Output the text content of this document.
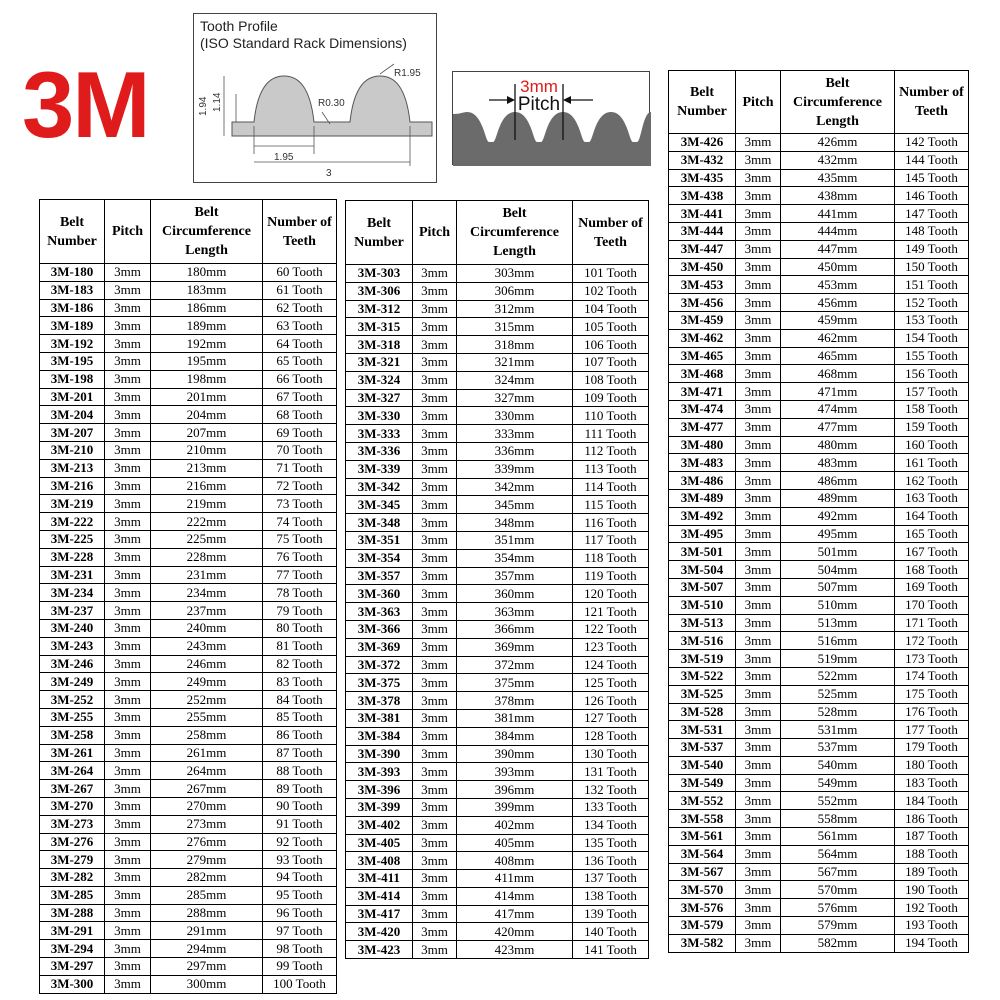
3M	R1.95
R0.30
1.94 1.14
1.95
3
Tooth Profile
(ISO Standard Rack Dimensions)
3mm
Pitch
Belt Number	Pitch	Belt Circumference Length	Number of Teeth
3M-180	3mm	180mm	60 Tooth
3M-183	3mm	183mm	61 Tooth
3M-186	3mm	186mm	62 Tooth
3M-189	3mm	189mm	63 Tooth
3M-192	3mm	192mm	64 Tooth
3M-195	3mm	195mm	65 Tooth
3M-198	3mm	198mm	66 Tooth
3M-201	3mm	201mm	67 Tooth
3M-204	3mm	204mm	68 Tooth
3M-207	3mm	207mm	69 Tooth
3M-210	3mm	210mm	70 Tooth
3M-213	3mm	213mm	71 Tooth
3M-216	3mm	216mm	72 Tooth
3M-219	3mm	219mm	73 Tooth
3M-222	3mm	222mm	74 Tooth
3M-225	3mm	225mm	75 Tooth
3M-228	3mm	228mm	76 Tooth
3M-231	3mm	231mm	77 Tooth
3M-234	3mm	234mm	78 Tooth
3M-237	3mm	237mm	79 Tooth
3M-240	3mm	240mm	80 Tooth
3M-243	3mm	243mm	81 Tooth
3M-246	3mm	246mm	82 Tooth
3M-249	3mm	249mm	83 Tooth
3M-252	3mm	252mm	84 Tooth
3M-255	3mm	255mm	85 Tooth
3M-258	3mm	258mm	86 Tooth
3M-261	3mm	261mm	87 Tooth
3M-264	3mm	264mm	88 Tooth
3M-267	3mm	267mm	89 Tooth
3M-270	3mm	270mm	90 Tooth
3M-273	3mm	273mm	91 Tooth
3M-276	3mm	276mm	92 Tooth
3M-279	3mm	279mm	93 Tooth
3M-282	3mm	282mm	94 Tooth
3M-285	3mm	285mm	95 Tooth
3M-288	3mm	288mm	96 Tooth
3M-291	3mm	291mm	97 Tooth
3M-294	3mm	294mm	98 Tooth
3M-297	3mm	297mm	99 Tooth
3M-300	3mm	300mm	100 Tooth
Belt Number	Pitch	Belt Circumference Length	Number of Teeth
3M-303	3mm	303mm	101 Tooth
3M-306	3mm	306mm	102 Tooth
3M-312	3mm	312mm	104 Tooth
3M-315	3mm	315mm	105 Tooth
3M-318	3mm	318mm	106 Tooth
3M-321	3mm	321mm	107 Tooth
3M-324	3mm	324mm	108 Tooth
3M-327	3mm	327mm	109 Tooth
3M-330	3mm	330mm	110 Tooth
3M-333	3mm	333mm	111 Tooth
3M-336	3mm	336mm	112 Tooth
3M-339	3mm	339mm	113 Tooth
3M-342	3mm	342mm	114 Tooth
3M-345	3mm	345mm	115 Tooth
3M-348	3mm	348mm	116 Tooth
3M-351	3mm	351mm	117 Tooth
3M-354	3mm	354mm	118 Tooth
3M-357	3mm	357mm	119 Tooth
3M-360	3mm	360mm	120 Tooth
3M-363	3mm	363mm	121 Tooth
3M-366	3mm	366mm	122 Tooth
3M-369	3mm	369mm	123 Tooth
3M-372	3mm	372mm	124 Tooth
3M-375	3mm	375mm	125 Tooth
3M-378	3mm	378mm	126 Tooth
3M-381	3mm	381mm	127 Tooth
3M-384	3mm	384mm	128 Tooth
3M-390	3mm	390mm	130 Tooth
3M-393	3mm	393mm	131 Tooth
3M-396	3mm	396mm	132 Tooth
3M-399	3mm	399mm	133 Tooth
3M-402	3mm	402mm	134 Tooth
3M-405	3mm	405mm	135 Tooth
3M-408	3mm	408mm	136 Tooth
3M-411	3mm	411mm	137 Tooth
3M-414	3mm	414mm	138 Tooth
3M-417	3mm	417mm	139 Tooth
3M-420	3mm	420mm	140 Tooth
3M-423	3mm	423mm	141 Tooth
Belt Number	Pitch	Belt Circumference Length	Number of Teeth
3M-426	3mm	426mm	142 Tooth
3M-432	3mm	432mm	144 Tooth
3M-435	3mm	435mm	145 Tooth
3M-438	3mm	438mm	146 Tooth
3M-441	3mm	441mm	147 Tooth
3M-444	3mm	444mm	148 Tooth
3M-447	3mm	447mm	149 Tooth
3M-450	3mm	450mm	150 Tooth
3M-453	3mm	453mm	151 Tooth
3M-456	3mm	456mm	152 Tooth
3M-459	3mm	459mm	153 Tooth
3M-462	3mm	462mm	154 Tooth
3M-465	3mm	465mm	155 Tooth
3M-468	3mm	468mm	156 Tooth
3M-471	3mm	471mm	157 Tooth
3M-474	3mm	474mm	158 Tooth
3M-477	3mm	477mm	159 Tooth
3M-480	3mm	480mm	160 Tooth
3M-483	3mm	483mm	161 Tooth
3M-486	3mm	486mm	162 Tooth
3M-489	3mm	489mm	163 Tooth
3M-492	3mm	492mm	164 Tooth
3M-495	3mm	495mm	165 Tooth
3M-501	3mm	501mm	167 Tooth
3M-504	3mm	504mm	168 Tooth
3M-507	3mm	507mm	169 Tooth
3M-510	3mm	510mm	170 Tooth
3M-513	3mm	513mm	171 Tooth
3M-516	3mm	516mm	172 Tooth
3M-519	3mm	519mm	173 Tooth
3M-522	3mm	522mm	174 Tooth
3M-525	3mm	525mm	175 Tooth
3M-528	3mm	528mm	176 Tooth
3M-531	3mm	531mm	177 Tooth
3M-537	3mm	537mm	179 Tooth
3M-540	3mm	540mm	180 Tooth
3M-549	3mm	549mm	183 Tooth
3M-552	3mm	552mm	184 Tooth
3M-558	3mm	558mm	186 Tooth
3M-561	3mm	561mm	187 Tooth
3M-564	3mm	564mm	188 Tooth
3M-567	3mm	567mm	189 Tooth
3M-570	3mm	570mm	190 Tooth
3M-576	3mm	576mm	192 Tooth
3M-579	3mm	579mm	193 Tooth
3M-582	3mm	582mm	194 Tooth
